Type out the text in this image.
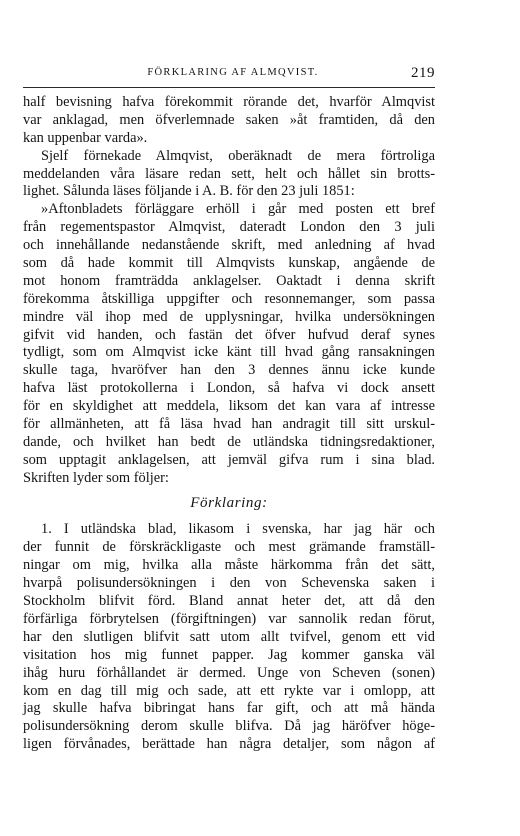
FÖRKLARING AF ALMQVIST.	219
half bevisning hafva förekommit rörande det, hvarför Almqvist
var anklagad, men öfverlemnade saken »åt framtiden, då den
kan uppenbar varda».
Sjelf förnekade Almqvist, oberäknadt de mera förtroliga
meddelanden våra läsare redan sett, helt och hållet sin brotts-
lighet. Sålunda läses följande i A. B. för den 23 juli 1851:
»Aftonbladets förläggare erhöll i går med posten ett bref
från regementspastor Almqvist, dateradt London den 3 juli
och innehållande nedanstående skrift, med anledning af hvad
som då hade kommit till Almqvists kunskap, angående de
mot honom framträdda anklagelser. Oaktadt i denna skrift
förekomma åtskilliga uppgifter och resonnemanger, som passa
mindre väl ihop med de upplysningar, hvilka undersökningen
gifvit vid handen, och fastän det öfver hufvud deraf synes
tydligt, som om Almqvist icke känt till hvad gång ransakningen
skulle taga, hvaröfver han den 3 dennes ännu icke kunde
hafva läst protokollerna i London, så hafva vi dock ansett
för en skyldighet att meddela, liksom det kan vara af intresse
för allmänheten, att få läsa hvad han andragit till sitt urskul-
dande, och hvilket han bedt de utländska tidningsredaktioner,
som upptagit anklagelsen, att jemväl gifva rum i sina blad.
Skriften lyder som följer:
Förklaring:
1. I utländska blad, likasom i svenska, har jag här och
der funnit de förskräckligaste och mest grämande framställ-
ningar om mig, hvilka alla måste härkomma från det sätt,
hvarpå polisundersökningen i den von Schevenska saken i
Stockholm blifvit förd. Bland annat heter det, att då den
förfärliga förbrytelsen (förgiftningen) var sannolik redan förut,
har den slutligen blifvit satt utom allt tvifvel, genom ett vid
visitation hos mig funnet papper. Jag kommer ganska väl
ihåg huru förhållandet är dermed. Unge von Scheven (sonen)
kom en dag till mig och sade, att ett rykte var i omlopp, att
jag skulle hafva bibringat hans far gift, och att må hända
polisundersökning derom skulle blifva. Då jag häröfver höge-
ligen förvånades, berättade han några detaljer, som någon af
